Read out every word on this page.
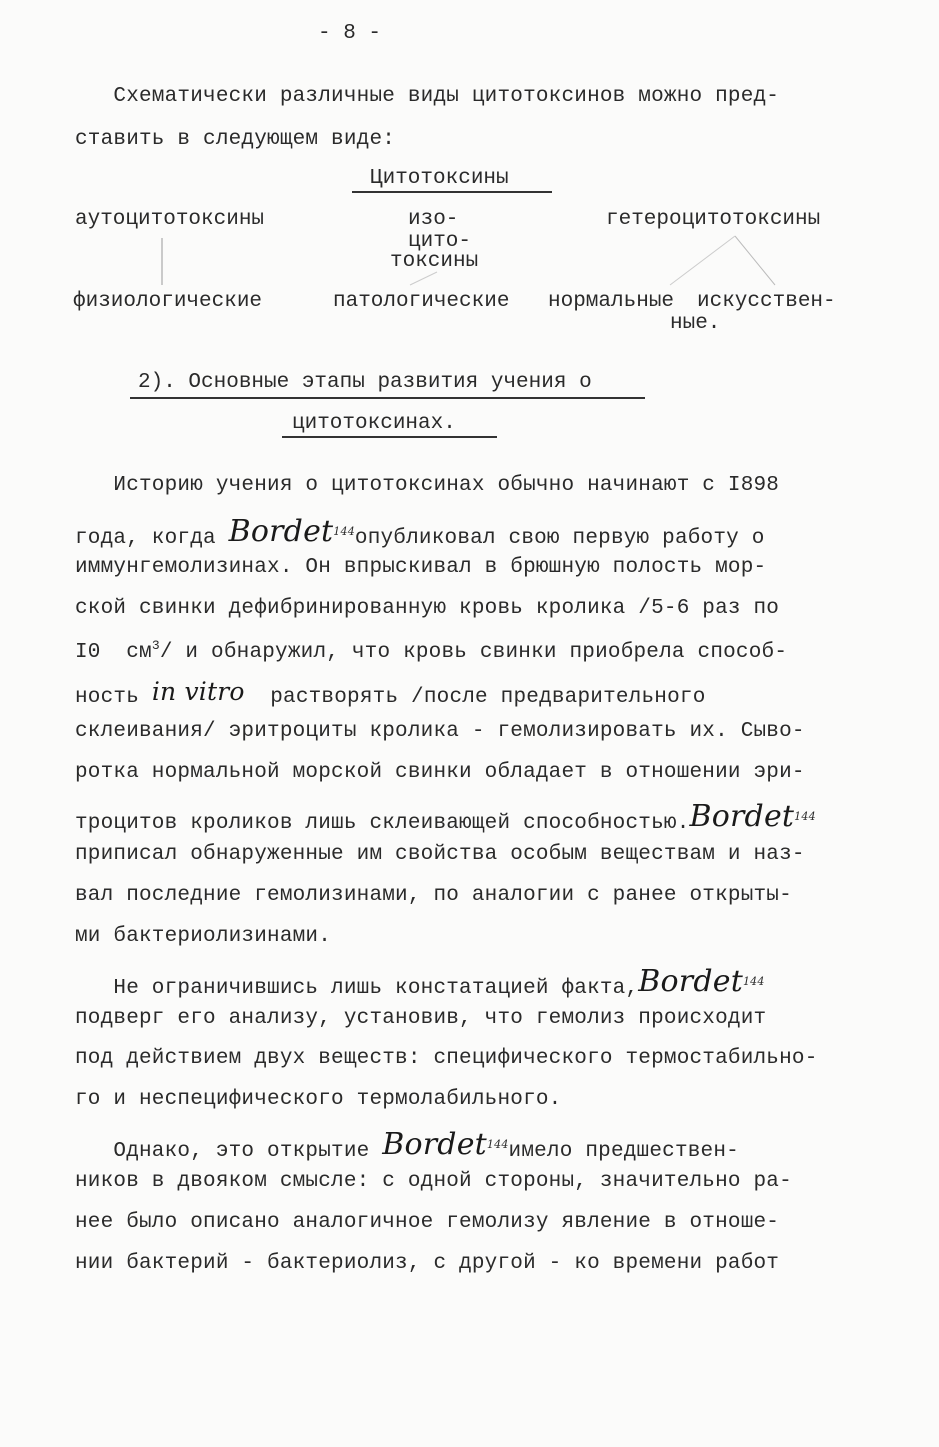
- 8 -
Схематически различные виды цитотоксинов можно пред-
ставить в следующем виде:
Цитотоксины
аутоцитотоксины	изо-
цито-
токсины
гетероцитотоксины
физиологические	патологические нормальные искусствен-
ные.
2). Основные этапы развития учения о
цитотоксинах.
Историю учения о цитотоксинах обычно начинают с I898
года, когда Bordet$^{144}$опубликовал свою первую работу о
иммунгемолизинах. Он впрыскивал в брюшную полость мор-
ской свинки дефибринированную кровь кролика /5-6 раз по
I0  $см^3/$ и обнаружил, что кровь свинки приобрела способ-
ность in vitro  растворять /после предварительного
склеивания/ эритроциты кролика - гемолизировать их. Сыво-
ротка нормальной морской свинки обладает в отношении эри-
троцитов кроликов лишь склеивающей способностью.Bordet$^{144}$
приписал обнаруженные им свойства особым веществам и наз-
вал последние гемолизинами, по аналогии с ранее открыты-
ми бактериолизинами.
Не ограничившись лишь констатацией факта,Bordet$^{144}$
подверг его анализу, установив, что гемолиз происходит
под действием двух веществ: специфического термостабильно-
го и неспецифического термолабильного.
Однако, это открытие Bordet$^{144}$имело предшествен-
ников в двояком смысле: с одной стороны, значительно ра-
нее было описано аналогичное гемолизу явление в отноше-
нии бактерий - бактериолиз, с другой - ко времени работ
